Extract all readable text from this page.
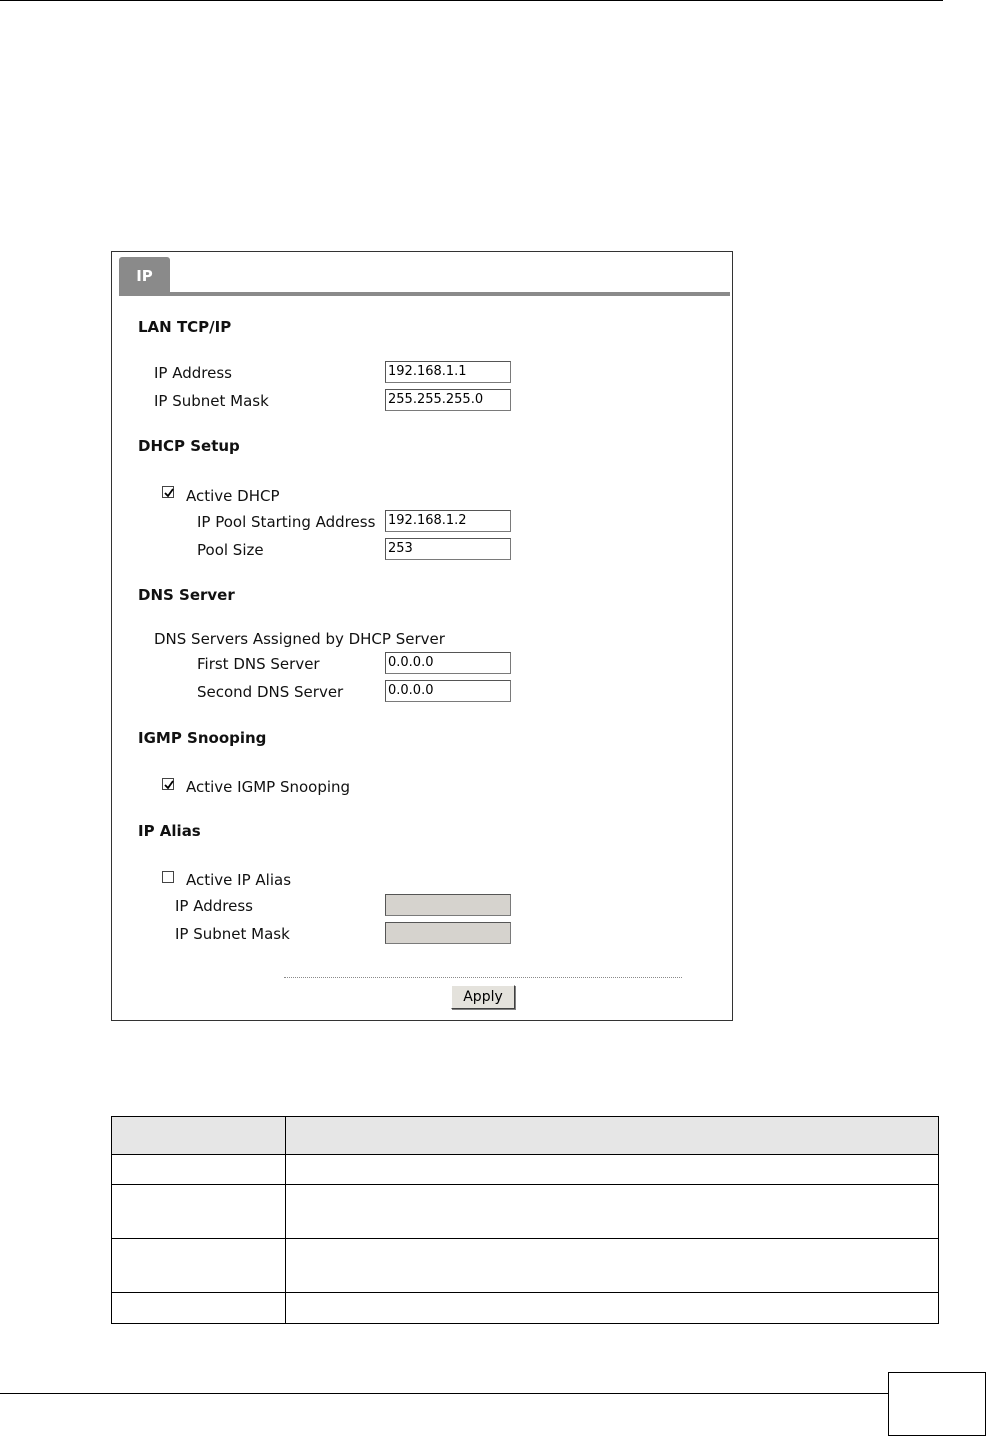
IP
LAN TCP/IP
IP Address	192.168.1.1
IP Subnet Mask	255.255.255.0
DHCP Setup
Active DHCP
IP Pool Starting Address 192.168.1.2
Pool Size	253
DNS Server
DNS Servers Assigned by DHCP Server
First DNS Server	0.0.0.0
Second DNS Server	0.0.0.0
IGMP Snooping
Active IGMP Snooping
IP Alias
Active IP Alias
IP Address
IP Subnet Mask
Apply
